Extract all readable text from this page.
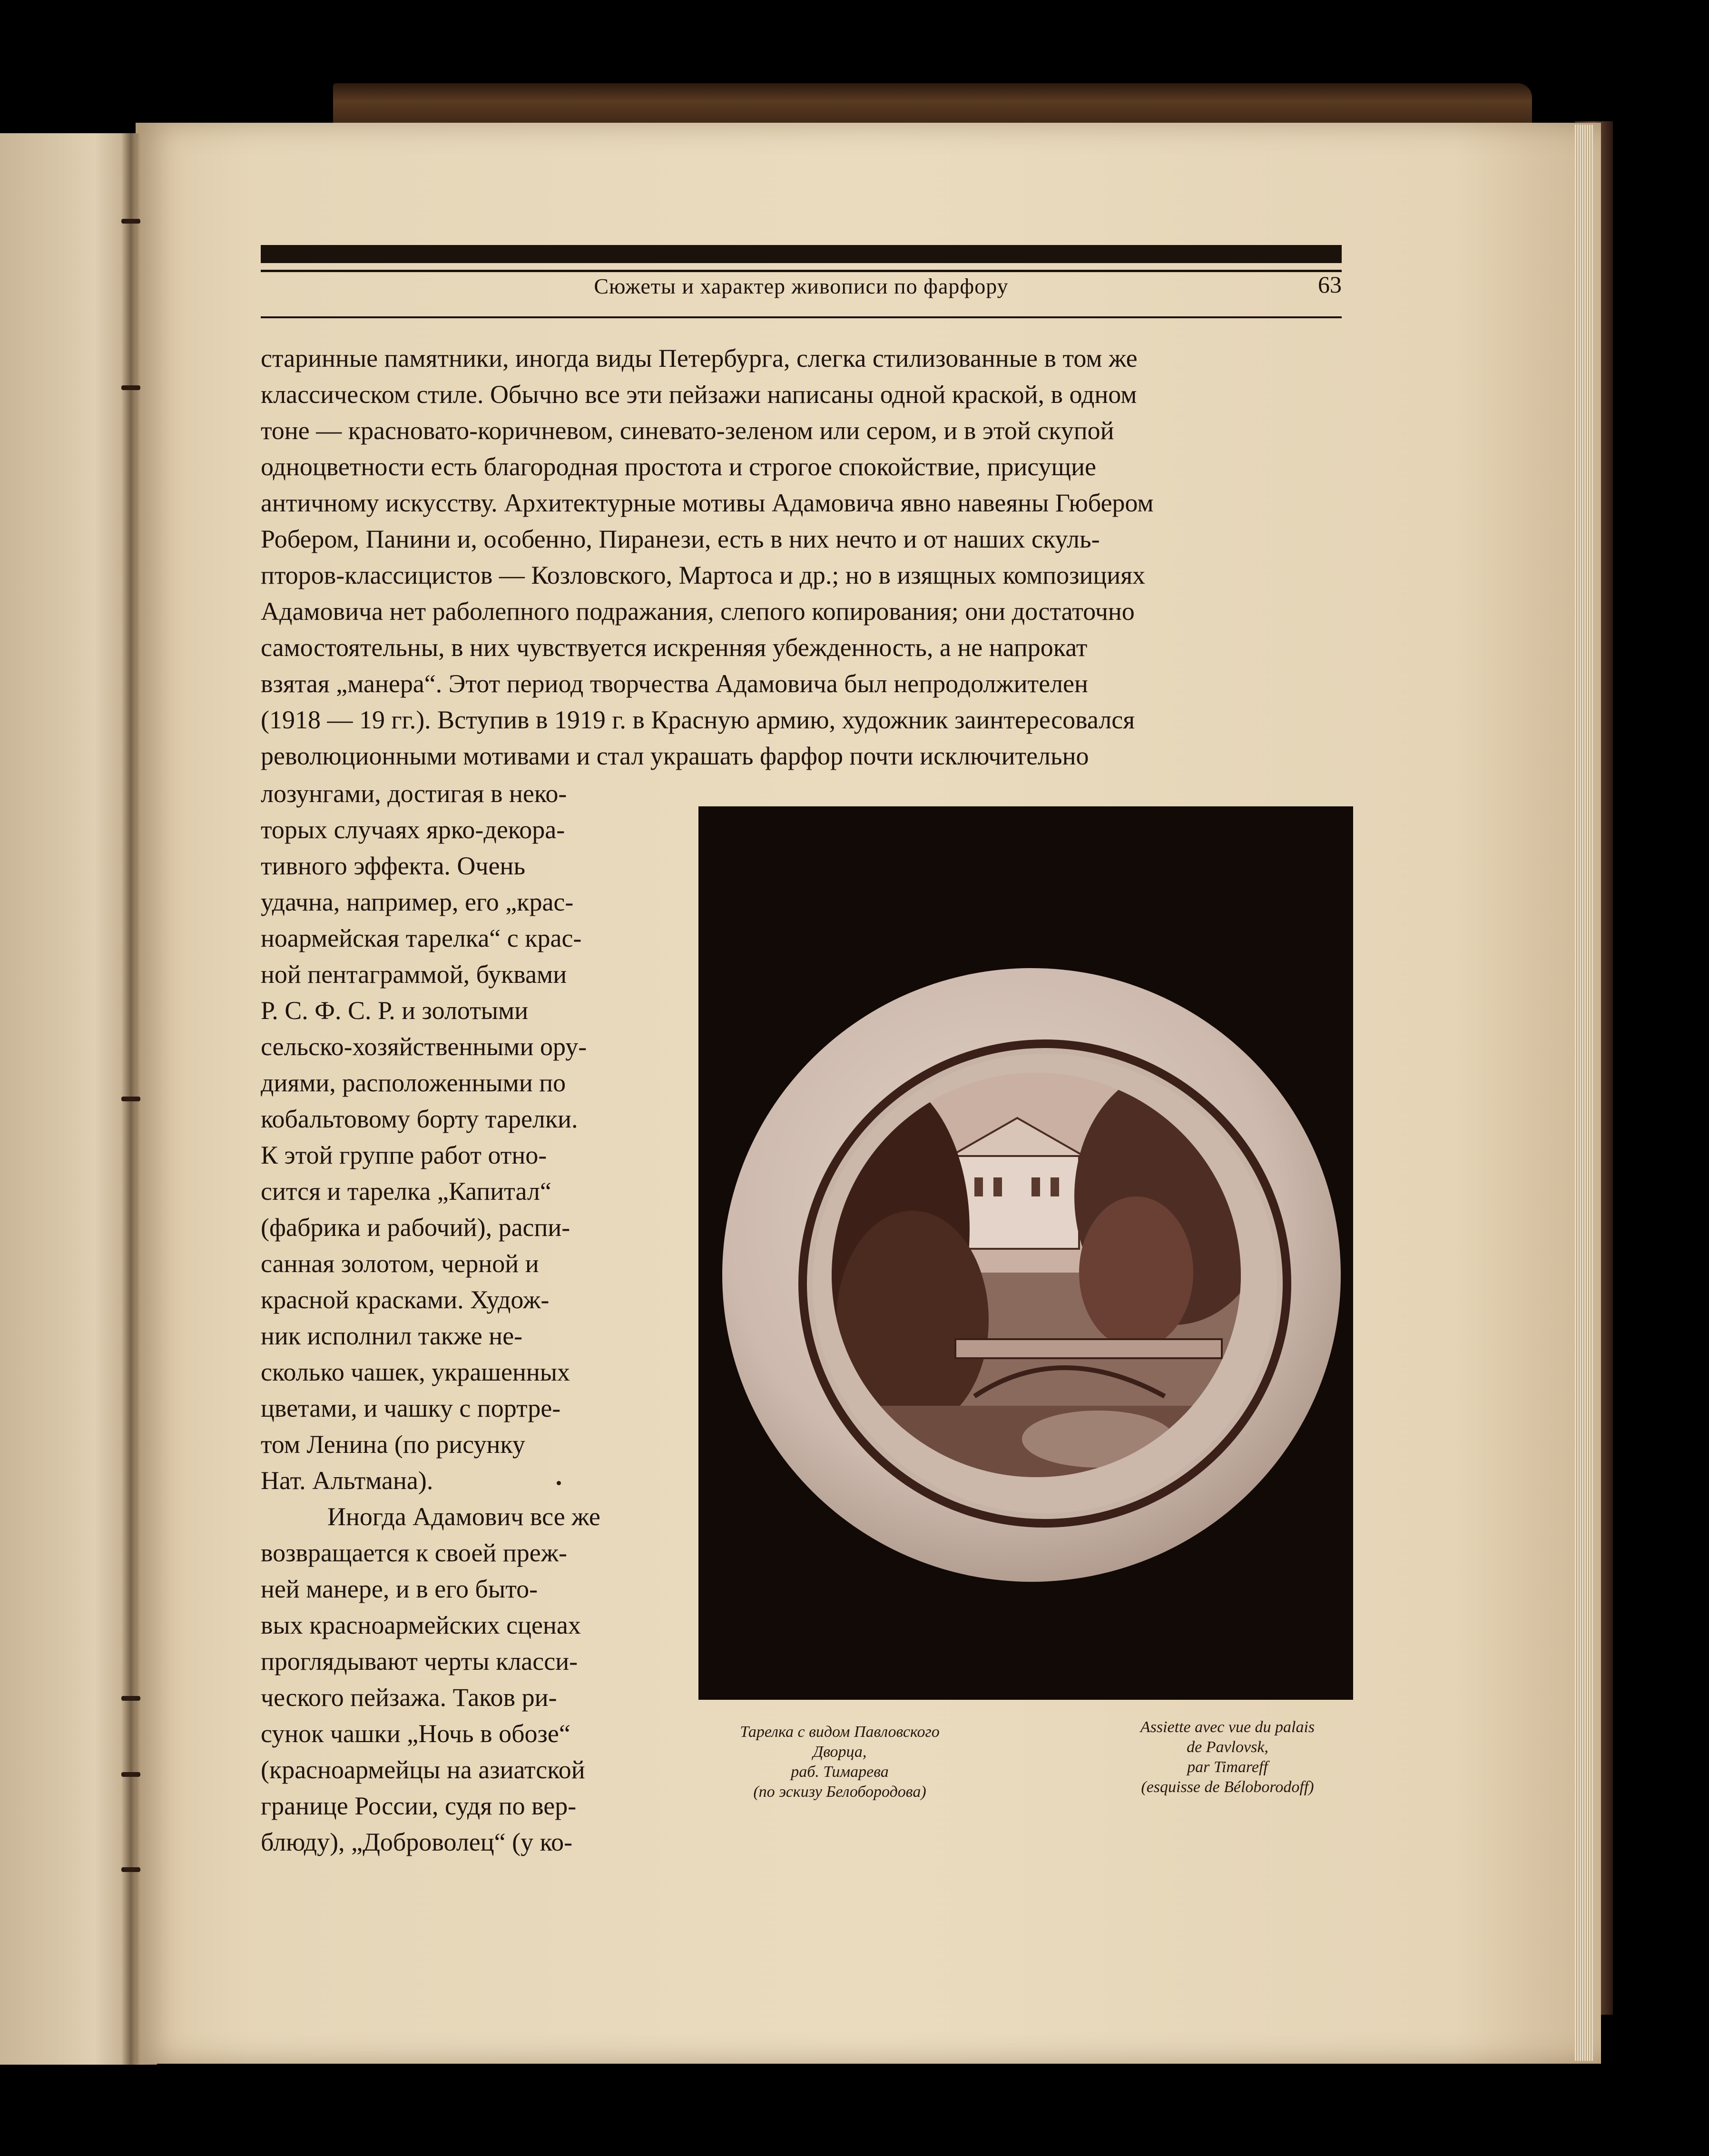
Сюжеты и характер живописи по фарфору	63

старинные памятники, иногда виды Петербурга, слегка стилизованные в том же

классическом стиле. Обычно все эти пейзажи написаны одной краской, в одном

тоне — красновато-коричневом, синевато-зеленом или сером, и в этой скупой

одноцветности есть благородная простота и строгое спокойствие, присущие

античному искусству. Архитектурные мотивы Адамовича явно навеяны Гюбером

Робером, Панини и, особенно, Пиранези, есть в них нечто и от наших скуль-

пторов-классицистов — Козловского, Мартоса и др.; но в изящных композициях

Адамовича нет раболепного подражания, слепого копирования; они достаточно

самостоятельны, в них чувствуется искренняя убежденность, а не напрокат

взятая „манера“. Этот период творчества Адамовича был непродолжителен

(1918 — 19 гг.). Вступив в 1919 г. в Красную армию, художник заинтересовался

революционными мотивами и стал украшать фарфор почти исключительно

лозунгами, достигая в неко-

торых случаях ярко-декора-

тивного эффекта. Очень

удачна, например, его „крас-

ноармейская тарелка“ с крас-

ной пентаграммой, буквами

Р. С. Ф. С. Р. и золотыми

сельско-хозяйственными ору-

диями, расположенными по

кобальтовому борту тарелки.

К этой группе работ отно-

сится и тарелка „Капитал“

(фабрика и рабочий), распи-

санная золотом, черной и

красной красками. Худож-

ник исполнил также не-

сколько чашек, украшенных

цветами, и чашку с портре-

том Ленина (по рисунку

Нат. Альтмана).

Иногда Адамович все же

возвращается к своей преж-

ней манере, и в его быто-

вых красноармейских сценах

проглядывают черты класси-

ческого пейзажа. Таков ри-

сунок чашки „Ночь в обозе“

(красноармейцы на азиатской

границе России, судя по вер-

блюду), „Доброволец“ (у ко-

Тарелка с видом Павловского
Дворца,
раб. Тимарева
(по эскизу Белобородова)
Assiette avec vue du palais
de Pavlovsk,
par Timareff
(esquisse de Béloborodoff)
